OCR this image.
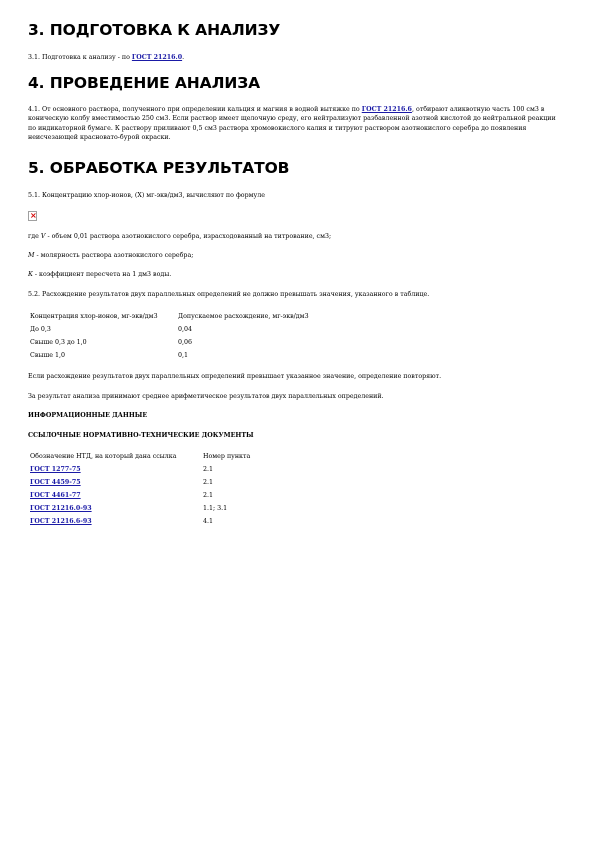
3. ПОДГОТОВКА К АНАЛИЗУ
3.1. Подготовка к анализу - по ГОСТ 21216.0.
4. ПРОВЕДЕНИЕ АНАЛИЗА
4.1. От основного раствора, полученного при определении кальция и магния в водной вытяжке по ГОСТ 21216.6, отбирают аликвотную часть 100 см3 в коническую колбу вместимостью 250 см3. Если раствор имеет щелочную среду, его нейтрализуют разбавленной азотной кислотой до нейтральной реакции по индикаторной бумаге. К раствору приливают 0,5 см3 раствора хромовокислого калия и титруют раствором азотнокислого серебра до появления неисчезающей красновато-бурой окраски.
5. ОБРАБОТКА РЕЗУЛЬТАТОВ
5.1. Концентрацию хлор-ионов, (X) мг-экв/дм3, вычисляют по формуле
×
где V - объем 0,01 раствора азотнокислого серебра, израсходованный на титрование, см3;
М - молярность раствора азотнокислого серебра;
К - коэффициент пересчета на 1 дм3 воды.
5.2. Расхождение результатов двух параллельных определений не должно превышать значения, указанного в таблице.
Концентрация хлор-ионов, мг-экв/дм3	Допускаемое расхождение, мг-экв/дм3
До 0,3	0,04
Свыше 0,3 до 1,0	0,06
Свыше 1,0	0,1
Если расхождение результатов двух параллельных определений превышает указанное значение, определение повторяют.
За результат анализа принимают среднее арифметическое результатов двух параллельных определений.
ИНФОРМАЦИОННЫЕ ДАННЫЕ
ССЫЛОЧНЫЕ НОРМАТИВНО-ТЕХНИЧЕСКИЕ ДОКУМЕНТЫ
Обозначение НТД, на который дана ссылка	Номер пункта
ГОСТ 1277-75	2.1
ГОСТ 4459-75	2.1
ГОСТ 4461-77	2.1
ГОСТ 21216.0-93	1.1; 3.1
ГОСТ 21216.6-93	4.1
